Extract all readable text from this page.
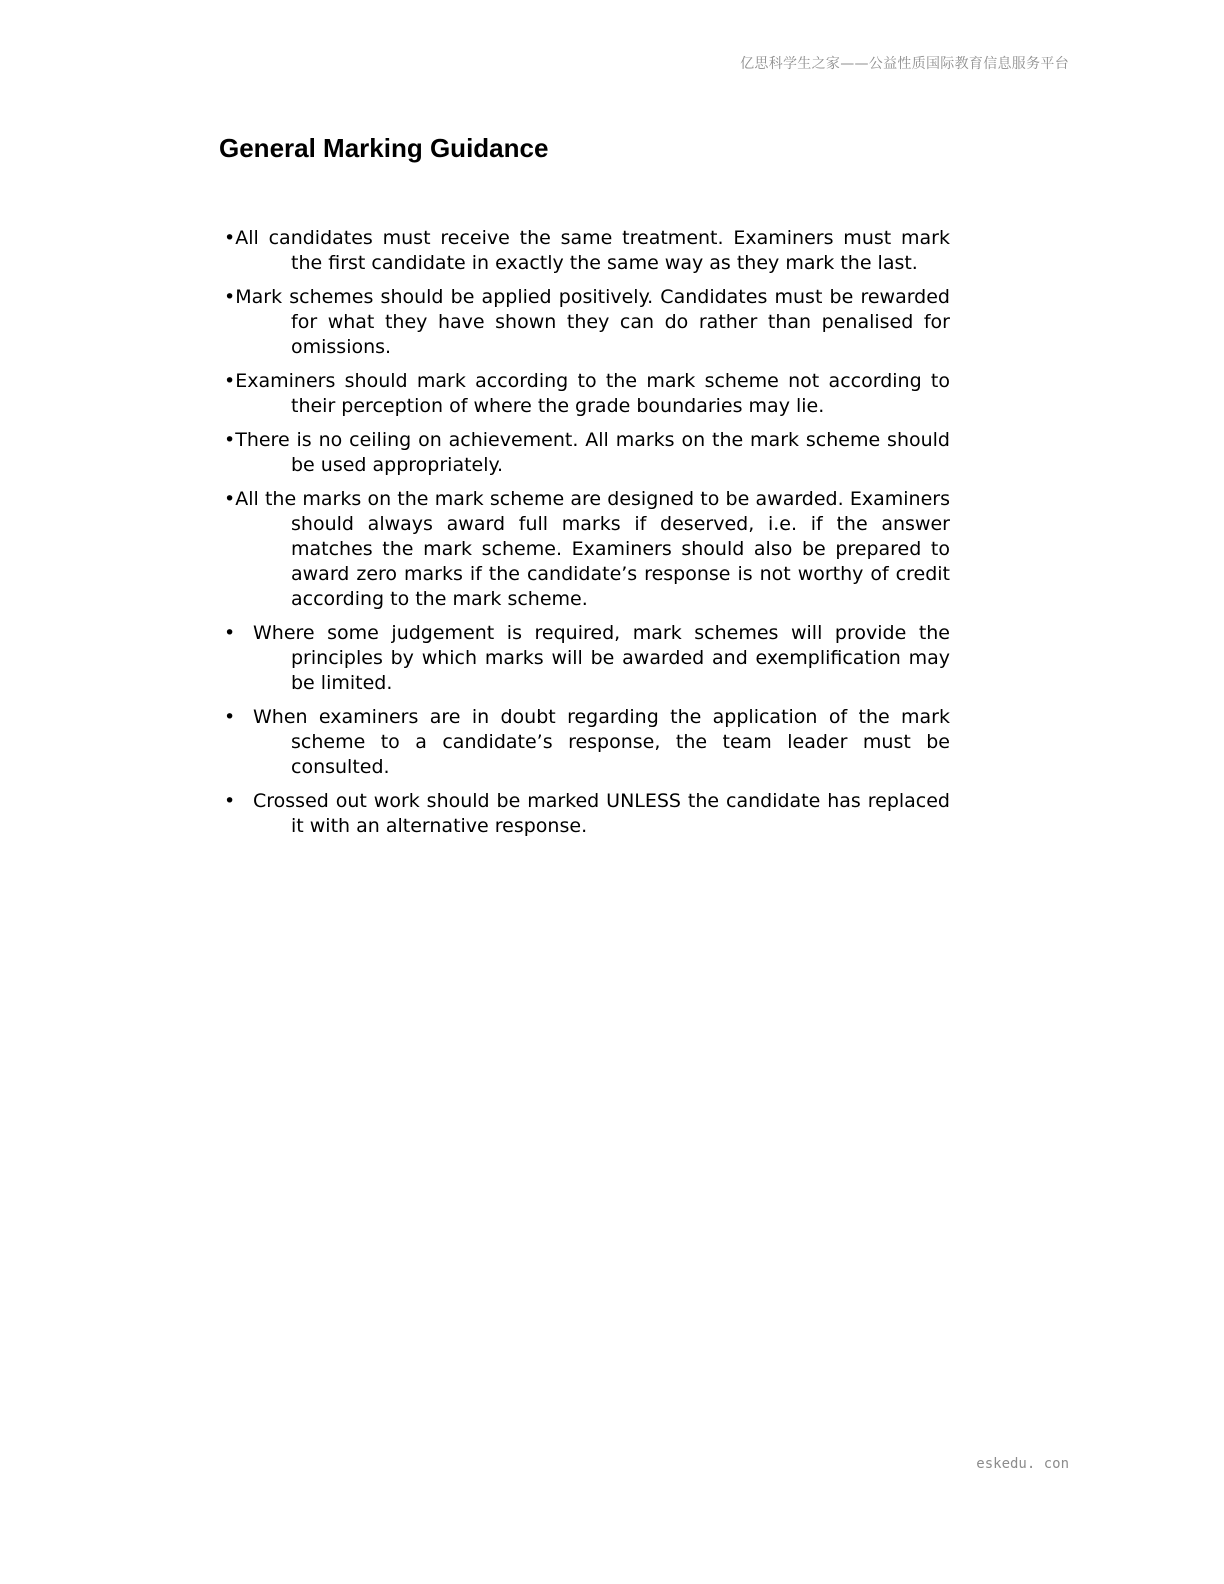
亿思科学生之家——公益性质国际教育信息服务平台
General Marking Guidance
•All candidates must receive the same treatment. Examiners must mark the first candidate in exactly the same way as they mark the last.
•Mark schemes should be applied positively. Candidates must be rewarded for what they have shown they can do rather than penalised for omissions.
•Examiners should mark according to the mark scheme not according to their perception of where the grade boundaries may lie.
•There is no ceiling on achievement. All marks on the mark scheme should be used appropriately.
•All the marks on the mark scheme are designed to be awarded. Examiners should always award full marks if deserved, i.e. if the answer matches the mark scheme. Examiners should also be prepared to award zero marks if the candidate’s response is not worthy of credit according to the mark scheme.
• Where some judgement is required, mark schemes will provide the principles by which marks will be awarded and exemplification may be limited.
• When examiners are in doubt regarding the application of the mark scheme to a candidate’s response, the team leader must be consulted.
• Crossed out work should be marked UNLESS the candidate has replaced it with an alternative response.
eskedu. con
